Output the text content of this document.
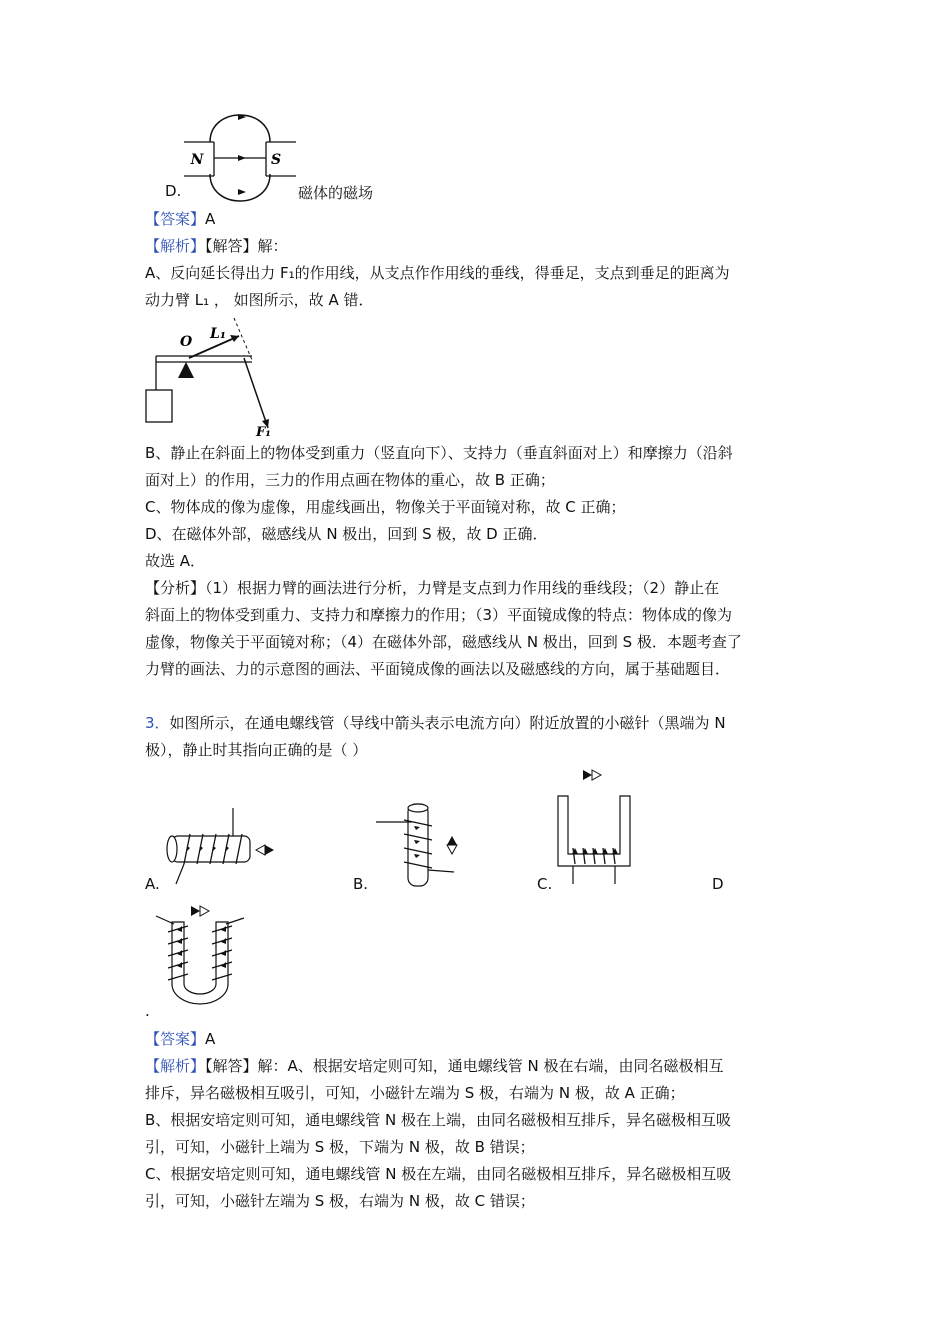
N	S
D.	磁体的磁场

【答案】A

【解析】【解答】解：

A、反向延长得出力 F₁的作用线，从支点作作用线的垂线，得垂足，支点到垂足的距离为

动力臂 L₁ ， 如图所示，故 A 错．

O L₁
F₁

B、静止在斜面上的物体受到重力（竖直向下）、支持力（垂直斜面对上）和摩擦力（沿斜

面对上）的作用，三力的作用点画在物体的重心，故 B 正确；

C、物体成的像为虚像，用虚线画出，物像关于平面镜对称，故 C 正确；

D、在磁体外部，磁感线从 N 极出，回到 S 极，故 D 正确．

故选 A．

【分析】（1）根据力臂的画法进行分析，力臂是支点到力作用线的垂线段；（2）静止在

斜面上的物体受到重力、支持力和摩擦力的作用；（3）平面镜成像的特点：物体成的像为

虚像，物像关于平面镜对称；（4）在磁体外部，磁感线从 N 极出，回到 S 极．本题考查了

力臂的画法、力的示意图的画法、平面镜成像的画法以及磁感线的方向，属于基础题目．

3．如图所示，在通电螺线管（导线中箭头表示电流方向）附近放置的小磁针（黑端为 N

极），静止时其指向正确的是（ ）

A.	B.	C.	D
.

【答案】A

【解析】【解答】解：A、根据安培定则可知，通电螺线管 N 极在右端，由同名磁极相互

排斥，异名磁极相互吸引，可知，小磁针左端为 S 极，右端为 N 极，故 A 正确；

B、根据安培定则可知，通电螺线管 N 极在上端，由同名磁极相互排斥，异名磁极相互吸

引，可知，小磁针上端为 S 极，下端为 N 极，故 B 错误；

C、根据安培定则可知，通电螺线管 N 极在左端，由同名磁极相互排斥，异名磁极相互吸

引，可知，小磁针左端为 S 极，右端为 N 极，故 C 错误；
